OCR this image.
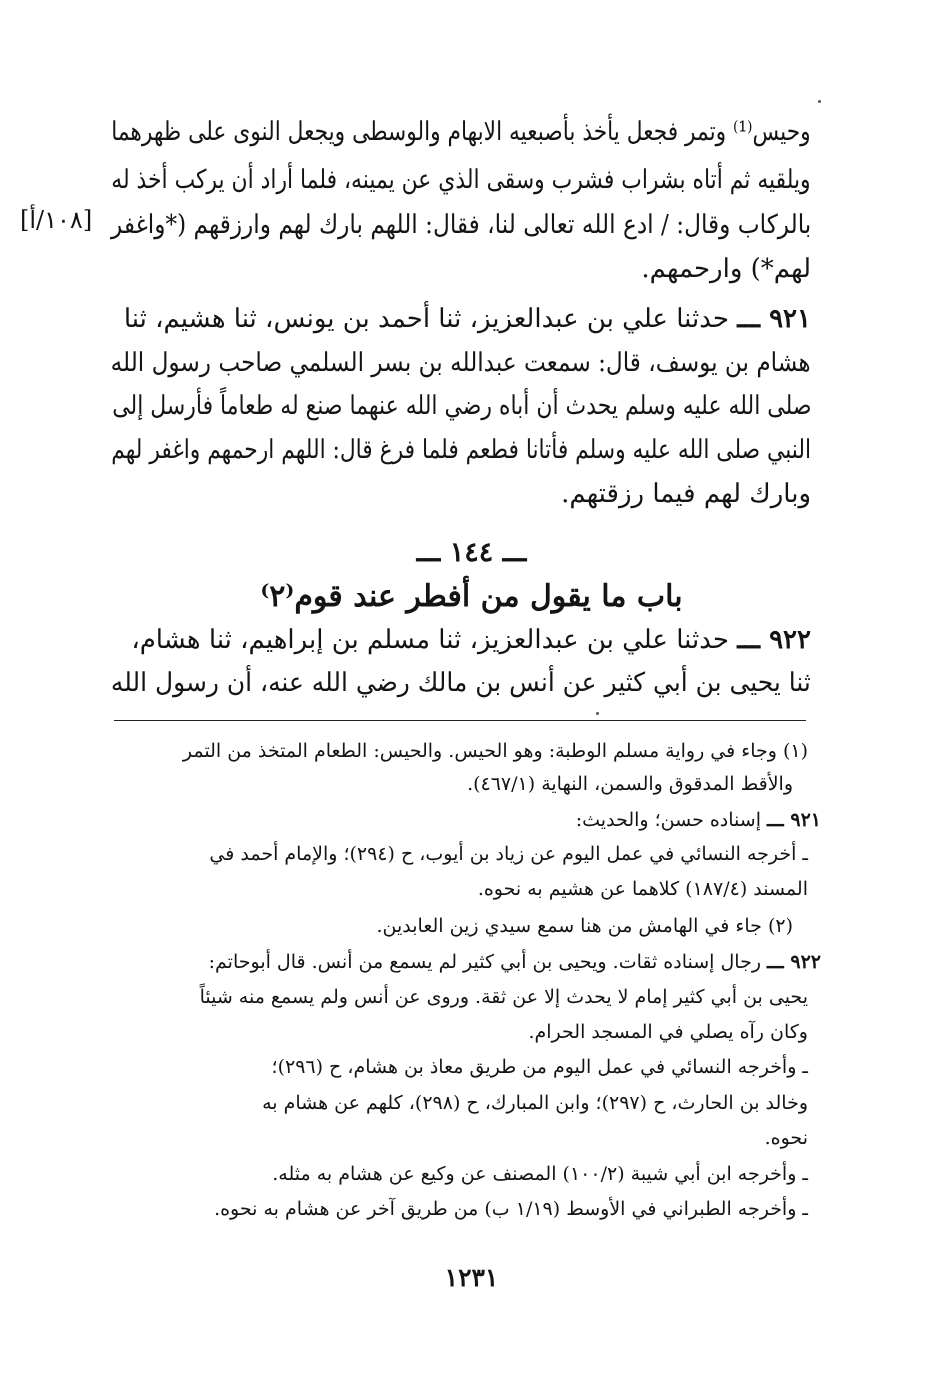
[١٠٨/أ]
وحيس⁽¹⁾ وتمر فجعل يأخذ بأصبعيه الابهام والوسطى ويجعل النوى على ظهرهما
ويلقيه ثم أتاه بشراب فشرب وسقى الذي عن يمينه، فلما أراد أن يركب أخذ له
بالركاب وقال: / ادع الله تعالى لنا، فقال: اللهم بارك لهم وارزقهم (*واغفر
لهم*) وارحمهم.
٩٢١ ـــ حدثنا علي بن عبدالعزيز، ثنا أحمد بن يونس، ثنا هشيم، ثنا
هشام بن يوسف، قال: سمعت عبدالله بن بسر السلمي صاحب رسول الله
صلى الله عليه وسلم يحدث أن أباه رضي الله عنهما صنع له طعاماً فأرسل إلى
النبي صلى الله عليه وسلم فأتانا فطعم فلما فرغ قال: اللهم ارحمهم واغفر لهم
وبارك لهم فيما رزقتهم.
ـــ ١٤٤ ـــ
باب ما يقول من أفطر عند قوم⁽٢⁾
٩٢٢ ـــ حدثنا علي بن عبدالعزيز، ثنا مسلم بن إبراهيم، ثنا هشام،
ثنا يحيى بن أبي كثير عن أنس بن مالك رضي الله عنه، أن رسول الله
(١) وجاء في رواية مسلم الوطبة: وهو الحيس. والحيس: الطعام المتخذ من التمر
والأقط المدقوق والسمن، النهاية (٤٦٧/١).
٩٢١ ـــ إسناده حسن؛ والحديث:
ـ أخرجه النسائي في عمل اليوم عن زياد بن أيوب، ح (٢٩٤)؛ والإمام أحمد في
المسند (١٨٧/٤) كلاهما عن هشيم به نحوه.
(٢) جاء في الهامش من هنا سمع سيدي زين العابدين.
٩٢٢ ـــ رجال إسناده ثقات. ويحيى بن أبي كثير لم يسمع من أنس. قال أبوحاتم:
يحيى بن أبي كثير إمام لا يحدث إلا عن ثقة. وروى عن أنس ولم يسمع منه شيئاً
وكان رآه يصلي في المسجد الحرام.
ـ وأخرجه النسائي في عمل اليوم من طريق معاذ بن هشام، ح (٢٩٦)؛
وخالد بن الحارث، ح (٢٩٧)؛ وابن المبارك، ح (٢٩٨)، كلهم عن هشام به
نحوه.
ـ وأخرجه ابن أبي شيبة (١٠٠/٢) المصنف عن وكيع عن هشام به مثله.
ـ وأخرجه الطبراني في الأوسط (١/١٩ ب) من طريق آخر عن هشام به نحوه.
١٢٣١
